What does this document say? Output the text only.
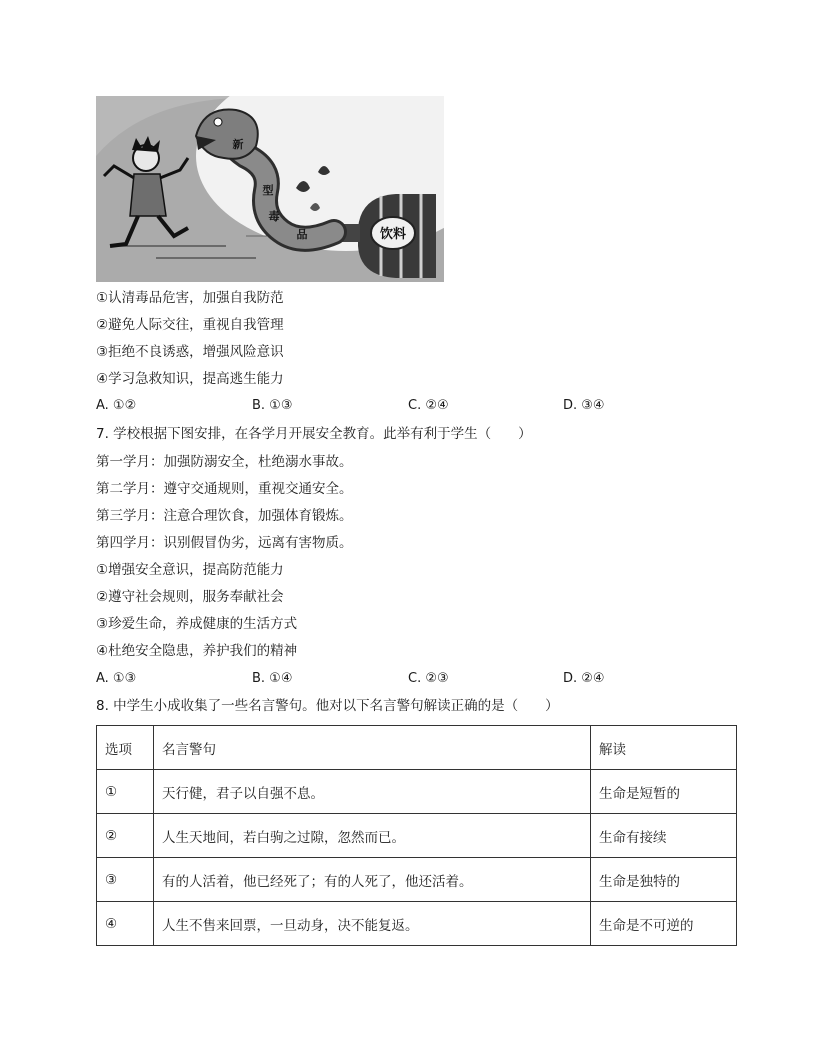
饮料
新
型
毒
品
①认清毒品危害，加强自我防范
②避免人际交往，重视自我管理
③拒绝不良诱惑，增强风险意识
④学习急救知识，提高逃生能力
A. ①②	B. ①③	C. ②④	D. ③④
7. 学校根据下图安排，在各学月开展安全教育。此举有利于学生（　　）
第一学月：加强防溺安全，杜绝溺水事故。
第二学月：遵守交通规则，重视交通安全。
第三学月：注意合理饮食，加强体育锻炼。
第四学月：识别假冒伪劣，远离有害物质。
①增强安全意识，提高防范能力
②遵守社会规则，服务奉献社会
③珍爱生命，养成健康的生活方式
④杜绝安全隐患，养护我们的精神
A. ①③	B. ①④	C. ②③	D. ②④
8. 中学生小成收集了一些名言警句。他对以下名言警句解读正确的是（　　）
选项	名言警句	解读
①	天行健，君子以自强不息。	生命是短暂的
②	人生天地间，若白驹之过隙，忽然而已。	生命有接续
③	有的人活着，他已经死了；有的人死了，他还活着。	生命是独特的
④	人生不售来回票，一旦动身，决不能复返。	生命是不可逆的
